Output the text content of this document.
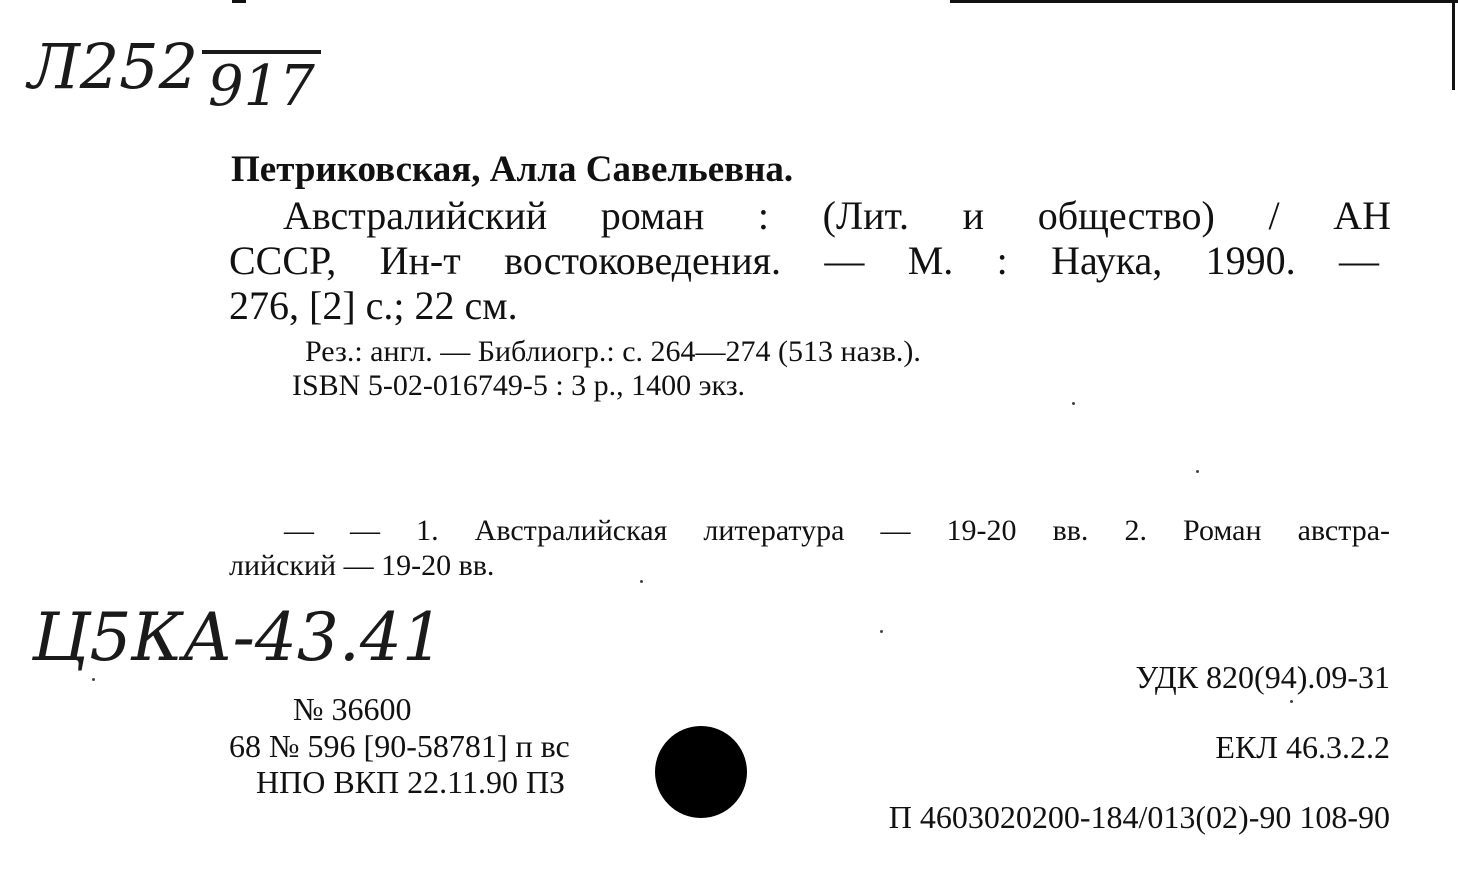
Л252 917
Петриковская, Алла Савельевна.
Австралийский роман : (Лит. и общество) / АН
СССР, Ин-т востоковедения. — М. : Наука, 1990. —
276, [2] с.; 22 см.
Рез.: англ. — Библиогр.: с. 264—274 (513 назв.).
ISBN 5-02-016749-5 : 3 р., 1400 экз.
— — 1. Австралийская литература — 19-20 вв. 2. Роман австра-
лийский — 19-20 вв.
Ц5КА-43.41
№ 36600
68 № 596 [90-58781] п вс
НПО ВКП 22.11.90 ПЗ
УДК 820(94).09-31
ЕКЛ 46.3.2.2
П 4603020200-184/013(02)-90 108-90
